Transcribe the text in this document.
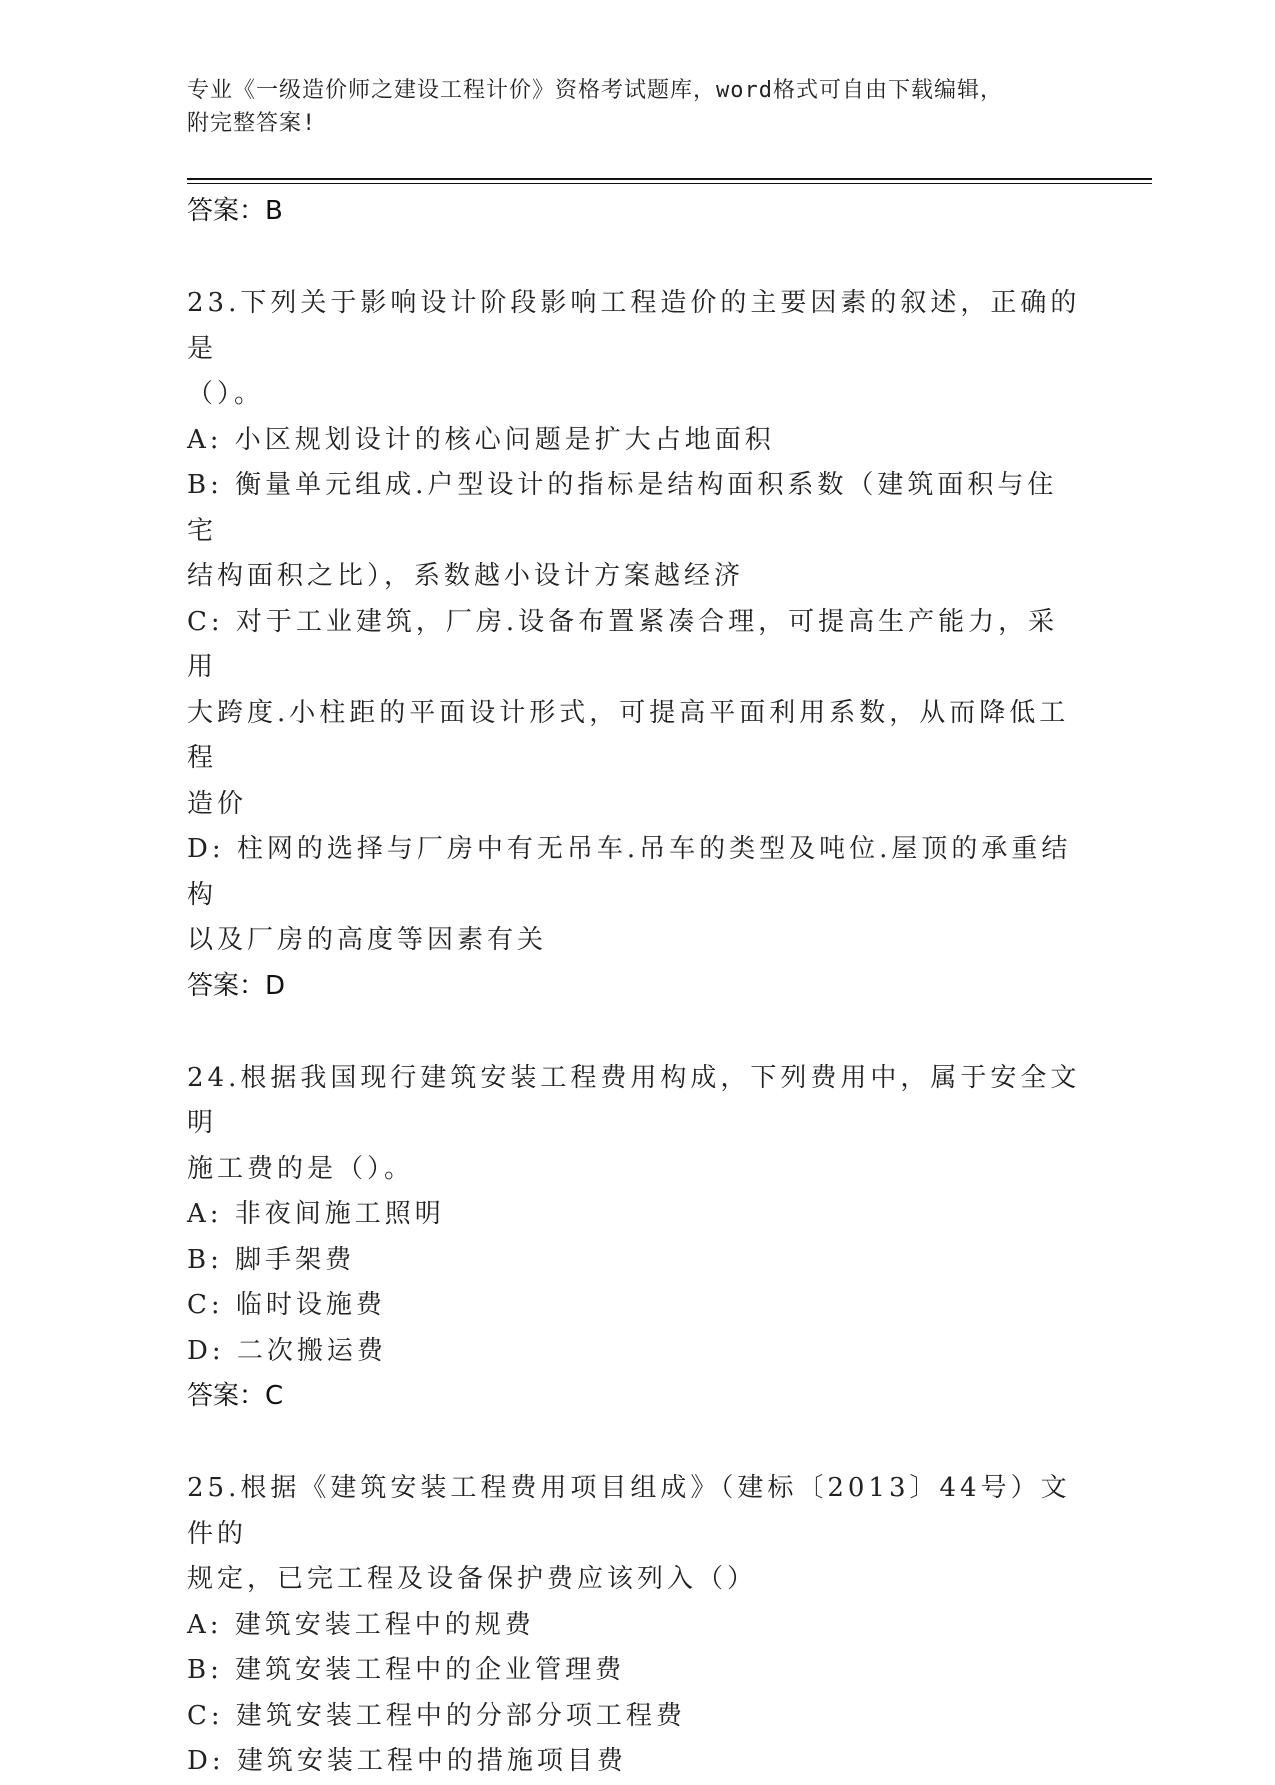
专业《一级造价师之建设工程计价》资格考试题库，word格式可自由下载编辑，
附完整答案!
答案：B
23.下列关于影响设计阶段影响工程造价的主要因素的叙述，正确的是
（）。
A: 小区规划设计的核心问题是扩大占地面积
B: 衡量单元组成.户型设计的指标是结构面积系数（建筑面积与住宅
结构面积之比），系数越小设计方案越经济
C: 对于工业建筑，厂房.设备布置紧凑合理，可提高生产能力，采用
大跨度.小柱距的平面设计形式，可提高平面利用系数，从而降低工程
造价
D: 柱网的选择与厂房中有无吊车.吊车的类型及吨位.屋顶的承重结构
以及厂房的高度等因素有关
答案：D
24.根据我国现行建筑安装工程费用构成，下列费用中，属于安全文明
施工费的是（）。
A: 非夜间施工照明
B: 脚手架费
C: 临时设施费
D: 二次搬运费
答案：C
25.根据《建筑安装工程费用项目组成》（建标〔2013〕44号）文件的
规定，已完工程及设备保护费应该列入（）
A: 建筑安装工程中的规费
B: 建筑安装工程中的企业管理费
C: 建筑安装工程中的分部分项工程费
D: 建筑安装工程中的措施项目费
